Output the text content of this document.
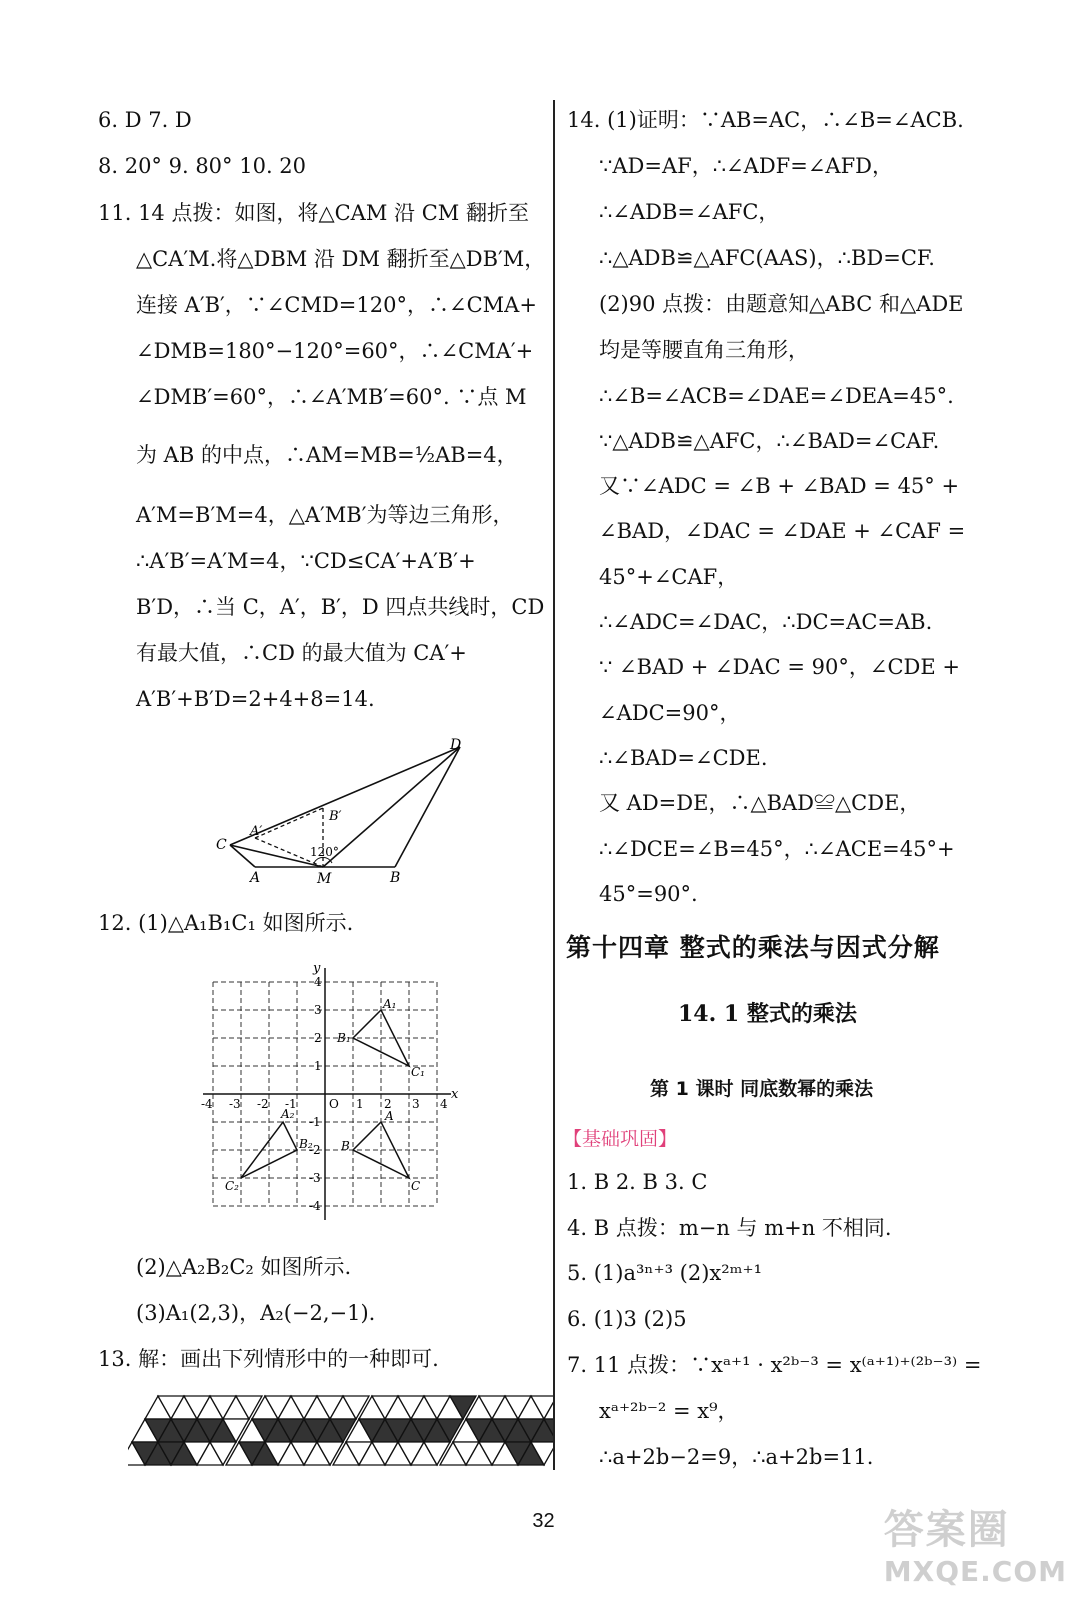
6. D 7. D
8. 20° 9. 80° 10. 20
11. 14 点拨：如图，将△CAM 沿 CM 翻折至
△CA′M.将△DBM 沿 DM 翻折至△DB′M，
连接 A′B′，∵∠CMD=120°，∴∠CMA+
∠DMB=180°−120°=60°，∴∠CMA′+
∠DMB′=60°，∴∠A′MB′=60°. ∵点 M
为 AB 的中点，∴AM=MB=½AB=4，
A′M=B′M=4，△A′MB′为等边三角形，
∴A′B′=A′M=4，∵CD≤CA′+A′B′+
B′D，∴当 C，A′，B′，D 四点共线时，CD
有最大值，∴CD 的最大值为 CA′+
A′B′+B′D=2+4+8=14.
12. (1)△A₁B₁C₁ 如图所示.
(2)△A₂B₂C₂ 如图所示.
(3)A₁(2,3)，A₂(−2,−1).
13. 解：画出下列情形中的一种即可.
14. (1)证明：∵AB=AC，∴∠B=∠ACB.
∵AD=AF，∴∠ADF=∠AFD，
∴∠ADB=∠AFC，
∴△ADB≌△AFC(AAS)，∴BD=CF.
(2)90 点拨：由题意知△ABC 和△ADE
均是等腰直角三角形，
∴∠B=∠ACB=∠DAE=∠DEA=45°.
∵△ADB≌△AFC，∴∠BAD=∠CAF.
又∵∠ADC = ∠B + ∠BAD = 45° +
∠BAD，∠DAC = ∠DAE + ∠CAF =
45°+∠CAF，
∴∠ADC=∠DAC，∴DC=AC=AB.
∵ ∠BAD + ∠DAC = 90°，∠CDE +
∠ADC=90°，
∴∠BAD=∠CDE.
又 AD=DE，∴△BAD≌△CDE，
∴∠DCE=∠B=45°，∴∠ACE=45°+
45°=90°.
1. B 2. B 3. C
4. B 点拨：m−n 与 m+n 不相同.
5. (1)a³ⁿ⁺³ (2)x²ᵐ⁺¹
6. (1)3 (2)5
7. 11 点拨：∵xᵃ⁺¹ · x²ᵇ⁻³ = x⁽ᵃ⁺¹⁾⁺⁽²ᵇ⁻³⁾ =
xᵃ⁺²ᵇ⁻² = x⁹，
∴a+2b−2=9，∴a+2b=11.
C
A	M	B
D
A′
B′
120°
-4 -3 -2 -1	O 1 2 3 4
4
3
2
1
-1
-2
-3
-4
x
y
A₁
B₁
C₁
A₂
B₂
C₂
A
B
C
第十四章 整式的乘法与因式分解
14. 1 整式的乘法
第 1 课时 同底数幂的乘法
【基础巩固】
32	答案圈
MXQE.COM
